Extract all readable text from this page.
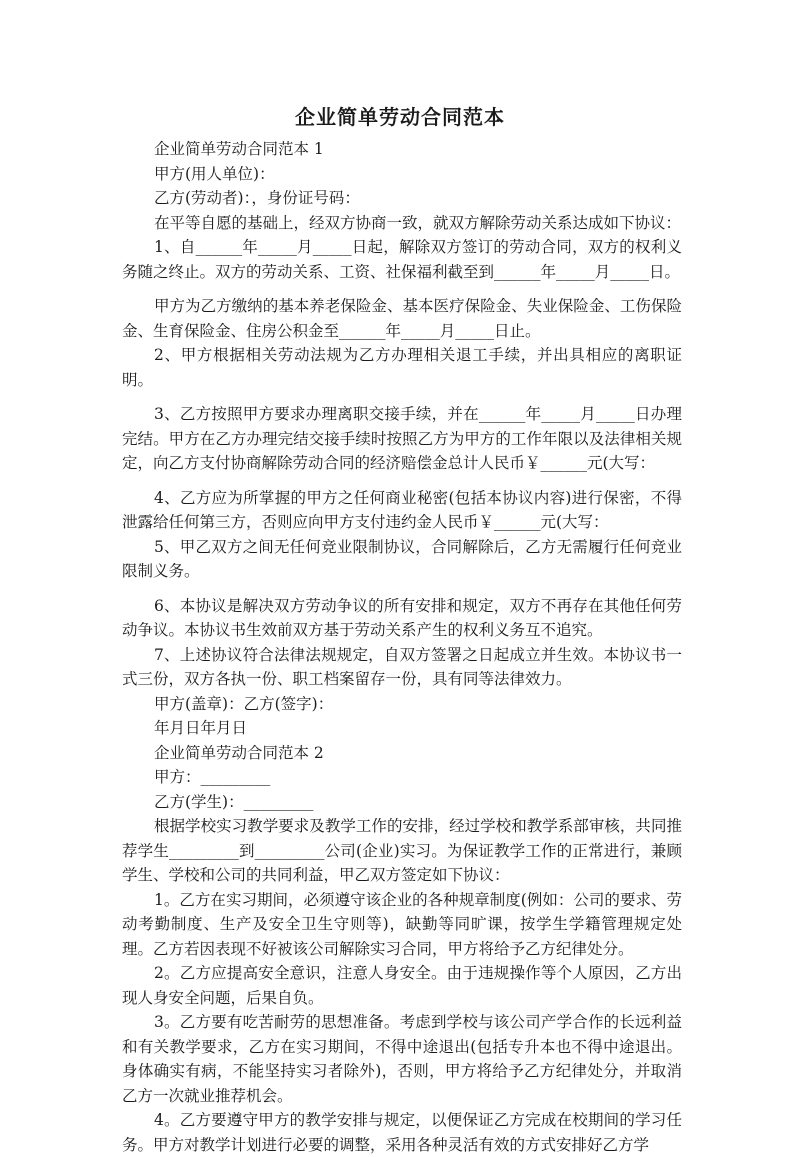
企业简单劳动合同范本

企业简单劳动合同范本 1

甲方(用人单位)：

乙方(劳动者)：，身份证号码：

在平等自愿的基础上，经双方协商一致，就双方解除劳动关系达成如下协议：

1、自______年_____月_____日起，解除双方签订的劳动合同，双方的权利义务随之终止。双方的劳动关系、工资、社保福利截至到______年_____月_____日。

甲方为乙方缴纳的基本养老保险金、基本医疗保险金、失业保险金、工伤保险金、生育保险金、住房公积金至______年_____月_____日止。

2、甲方根据相关劳动法规为乙方办理相关退工手续，并出具相应的离职证明。

3、乙方按照甲方要求办理离职交接手续，并在______年_____月_____日办理完结。甲方在乙方办理完结交接手续时按照乙方为甲方的工作年限以及法律相关规定，向乙方支付协商解除劳动合同的经济赔偿金总计人民币￥______元(大写：

4、乙方应为所掌握的甲方之任何商业秘密(包括本协议内容)进行保密，不得泄露给任何第三方，否则应向甲方支付违约金人民币￥______元(大写：

5、甲乙双方之间无任何竞业限制协议，合同解除后，乙方无需履行任何竞业限制义务。

6、本协议是解决双方劳动争议的所有安排和规定，双方不再存在其他任何劳动争议。本协议书生效前双方基于劳动关系产生的权利义务互不追究。

7、上述协议符合法律法规规定，自双方签署之日起成立并生效。本协议书一式三份，双方各执一份、职工档案留存一份，具有同等法律效力。

甲方(盖章)：乙方(签字)：

年月日年月日

企业简单劳动合同范本 2

甲方：_________

乙方(学生)：_________

根据学校实习教学要求及教学工作的安排，经过学校和教学系部审核，共同推荐学生_________到_________公司(企业)实习。为保证教学工作的正常进行，兼顾学生、学校和公司的共同利益，甲乙双方签定如下协议：

1。乙方在实习期间，必须遵守该企业的各种规章制度(例如：公司的要求、劳动考勤制度、生产及安全卫生守则等)，缺勤等同旷课，按学生学籍管理规定处理。乙方若因表现不好被该公司解除实习合同，甲方将给予乙方纪律处分。

2。乙方应提高安全意识，注意人身安全。由于违规操作等个人原因，乙方出现人身安全问题，后果自负。

3。乙方要有吃苦耐劳的思想准备。考虑到学校与该公司产学合作的长远利益和有关教学要求，乙方在实习期间，不得中途退出(包括专升本也不得中途退出。身体确实有病，不能坚持实习者除外)，否则，甲方将给予乙方纪律处分，并取消乙方一次就业推荐机会。

4。乙方要遵守甲方的教学安排与规定，以便保证乙方完成在校期间的学习任务。甲方对教学计划进行必要的调整，采用各种灵活有效的方式安排好乙方学
